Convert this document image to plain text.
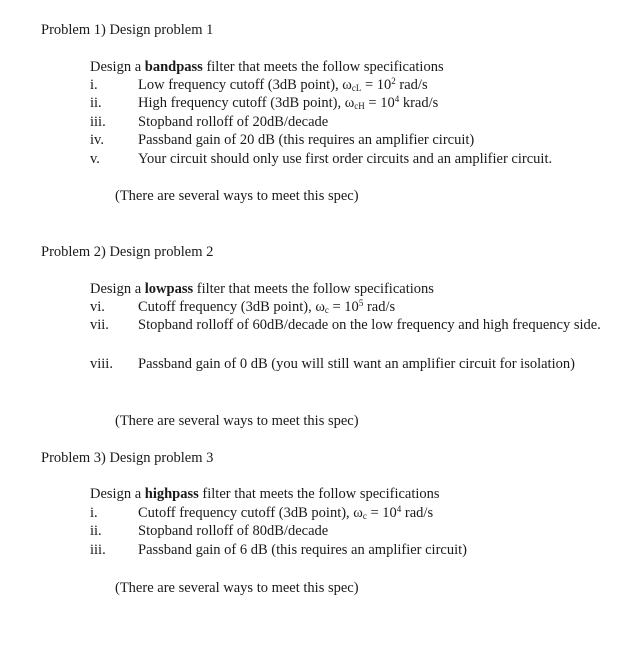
Problem 1) Design problem 1
Design a bandpass filter that meets the follow specifications
i.	Low frequency cutoff (3dB point), $\omega_{cL} = 10^2$ rad/s
ii.	High frequency cutoff (3dB point), $\omega_{cH} = 10^4$ krad/s
iii. Stopband rolloff of 20dB/decade
iv. Passband gain of 20 dB (this requires an amplifier circuit)
v.	Your circuit should only use first order circuits and an amplifier circuit.
(There are several ways to meet this spec)
Problem 2) Design problem 2
Design a lowpass filter that meets the follow specifications
vi. Cutoff frequency (3dB point), $\omega_c = 10^5$ rad/s
vii. Stopband rolloff of 60dB/decade on the low frequency and high frequency side.
viii. Passband gain of 0 dB (you will still want an amplifier circuit for isolation)
(There are several ways to meet this spec)
Problem 3) Design problem 3
Design a highpass filter that meets the follow specifications
i.	Cutoff frequency cutoff (3dB point), $\omega_c = 10^4$ rad/s
ii.	Stopband rolloff of 80dB/decade
iii. Passband gain of 6 dB (this requires an amplifier circuit)
(There are several ways to meet this spec)
